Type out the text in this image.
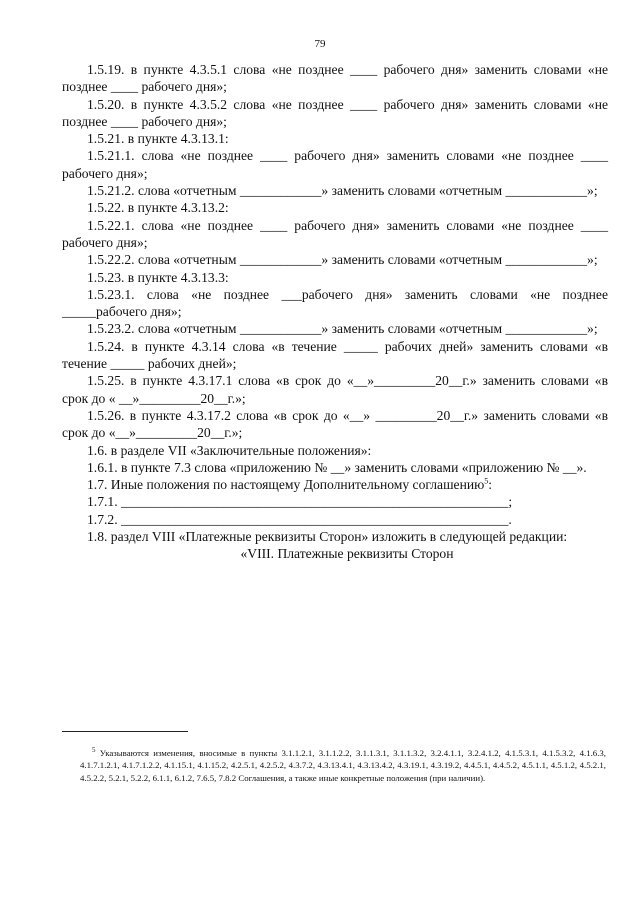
79

1.5.19. в пункте 4.3.5.1 слова «не позднее ____ рабочего дня» заменить словами «не позднее ____ рабочего дня»;

1.5.20. в пункте 4.3.5.2 слова «не позднее ____ рабочего дня» заменить словами «не позднее ____ рабочего дня»;

1.5.21. в пункте 4.3.13.1:

1.5.21.1. слова «не позднее ____ рабочего дня» заменить словами «не позднее ____ рабочего дня»;

1.5.21.2. слова «отчетным ____________» заменить словами «отчетным ____________»;

1.5.22. в пункте 4.3.13.2:

1.5.22.1. слова «не позднее ____ рабочего дня» заменить словами «не позднее ____ рабочего дня»;

1.5.22.2. слова «отчетным ____________» заменить словами «отчетным ____________»;

1.5.23. в пункте 4.3.13.3:

1.5.23.1. слова «не позднее ___рабочего дня» заменить словами «не позднее _____рабочего дня»;

1.5.23.2. слова «отчетным ____________» заменить словами «отчетным ____________»;

1.5.24. в пункте 4.3.14 слова «в течение _____ рабочих дней» заменить словами «в течение _____ рабочих дней»;

1.5.25. в пункте 4.3.17.1 слова «в срок до «__»_________20__г.» заменить словами «в срок до « __»_________20__г.»;

1.5.26. в пункте 4.3.17.2 слова «в срок до «__» _________20__г.» заменить словами «в срок до «__»_________20__г.»;

1.6. в разделе VII «Заключительные положения»:

1.6.1. в пункте 7.3 слова «приложению № __» заменить словами «приложению № __».

1.7. Иные положения по настоящему Дополнительному соглашению$^5$:

1.7.1. _________________________________________________________;

1.7.2. _________________________________________________________.

1.8. раздел VIII «Платежные реквизиты Сторон» изложить в следующей редакции:

«VIII. Платежные реквизиты Сторон

$^5$ Указываются изменения, вносимые в пункты 3.1.1.2.1, 3.1.1.2.2, 3.1.1.3.1, 3.1.1.3.2, 3.2.4.1.1, 3.2.4.1.2, 4.1.5.3.1, 4.1.5.3.2, 4.1.6.3, 4.1.7.1.2.1, 4.1.7.1.2.2, 4.1.15.1, 4.1.15.2, 4.2.5.1, 4.2.5.2, 4.3.7.2, 4.3.13.4.1, 4.3.13.4.2, 4.3.19.1, 4.3.19.2, 4.4.5.1, 4.4.5.2, 4.5.1.1, 4.5.1.2, 4.5.2.1, 4.5.2.2, 5.2.1, 5.2.2, 6.1.1, 6.1.2, 7.6.5, 7.8.2 Соглашения, а также иные конкретные положения (при наличии).
